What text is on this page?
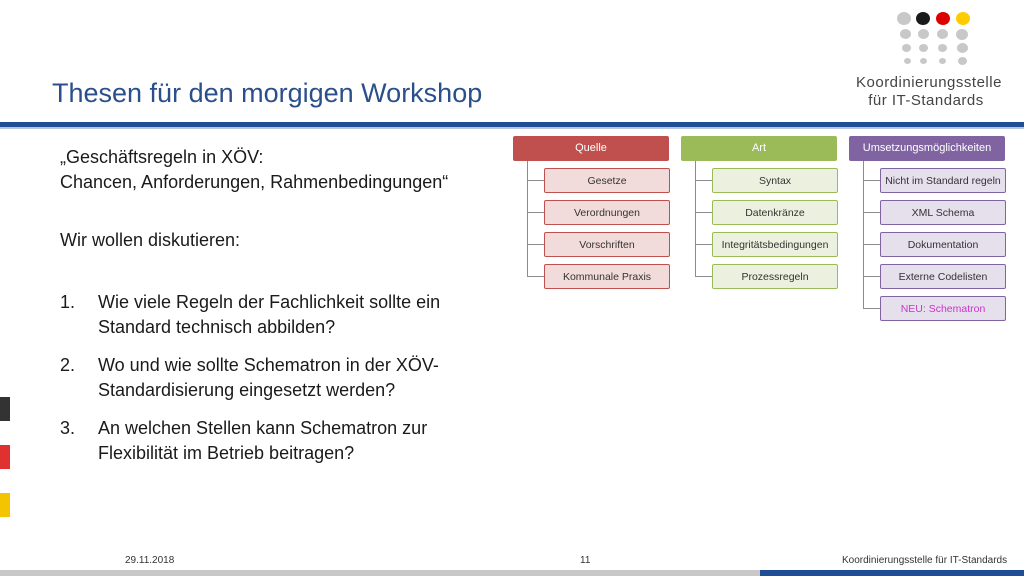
Koordinierungsstelle
für IT-Standards
Thesen für den morgigen Workshop
„Geschäftsregeln in XÖV:
Chancen, Anforderungen, Rahmenbedingungen“
Wir wollen diskutieren:
1. Wie viele Regeln der Fachlichkeit sollte ein Standard technisch abbilden?
2. Wo und wie sollte Schematron in der XÖV-Standardisierung eingesetzt werden?
3. An welchen Stellen kann Schematron zur Flexibilität im Betrieb beitragen?
Quelle
Gesetze
Verordnungen
Vorschriften
Kommunale Praxis
Art
Syntax
Datenkränze
Integritätsbedingungen
Prozessregeln
Umsetzungsmöglichkeiten
Nicht im Standard regeln
XML Schema
Dokumentation
Externe Codelisten
NEU: Schematron
29.11.2018	11	Koordinierungsstelle für IT-Standards
